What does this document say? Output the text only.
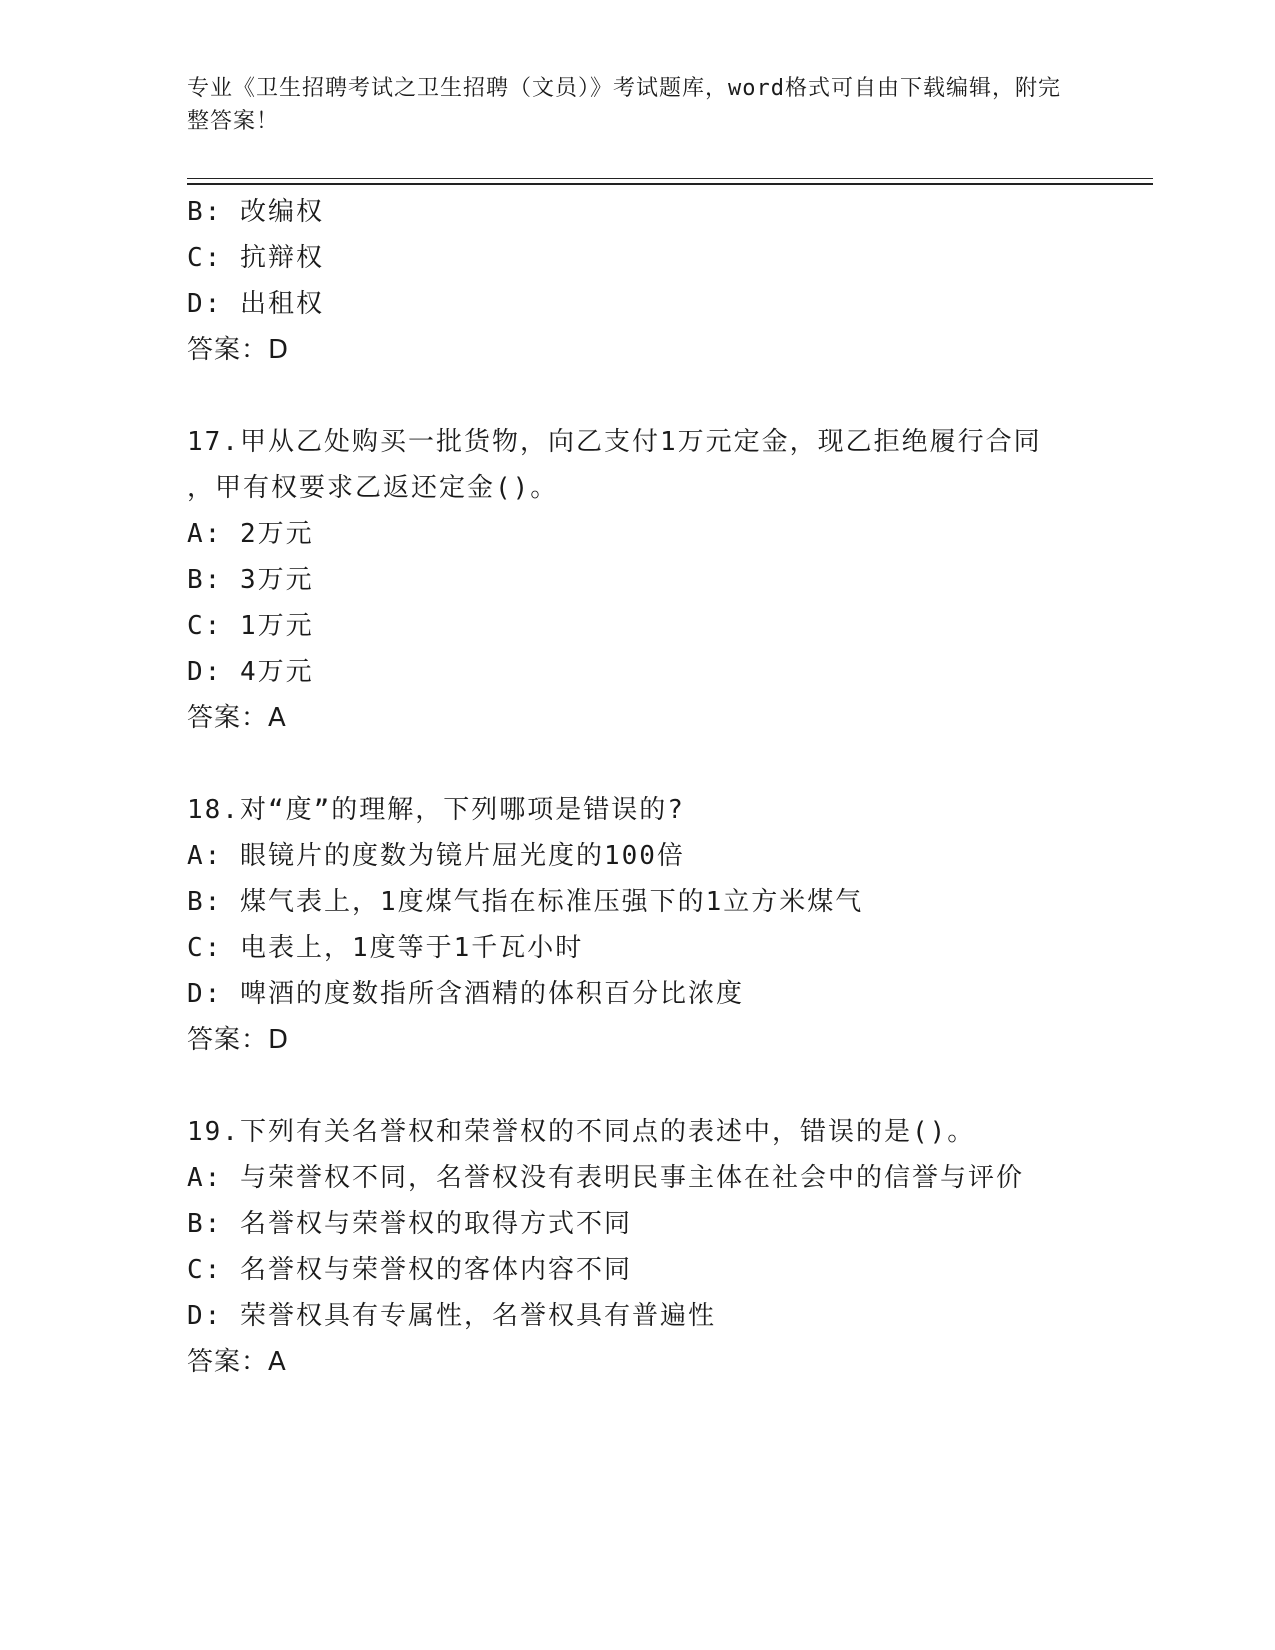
专业《卫生招聘考试之卫生招聘（文员）》考试题库，word格式可自由下载编辑，附完整答案！
B: 改编权
C: 抗辩权
D: 出租权
答案：D
17.甲从乙处购买一批货物，向乙支付1万元定金，现乙拒绝履行合同
，甲有权要求乙返还定金()。
A: 2万元
B: 3万元
C: 1万元
D: 4万元
答案：A
18.对“度”的理解，下列哪项是错误的?
A: 眼镜片的度数为镜片屈光度的100倍
B: 煤气表上，1度煤气指在标准压强下的1立方米煤气
C: 电表上，1度等于1千瓦小时
D: 啤酒的度数指所含酒精的体积百分比浓度
答案：D
19.下列有关名誉权和荣誉权的不同点的表述中，错误的是()。
A: 与荣誉权不同，名誉权没有表明民事主体在社会中的信誉与评价
B: 名誉权与荣誉权的取得方式不同
C: 名誉权与荣誉权的客体内容不同
D: 荣誉权具有专属性，名誉权具有普遍性
答案：A
